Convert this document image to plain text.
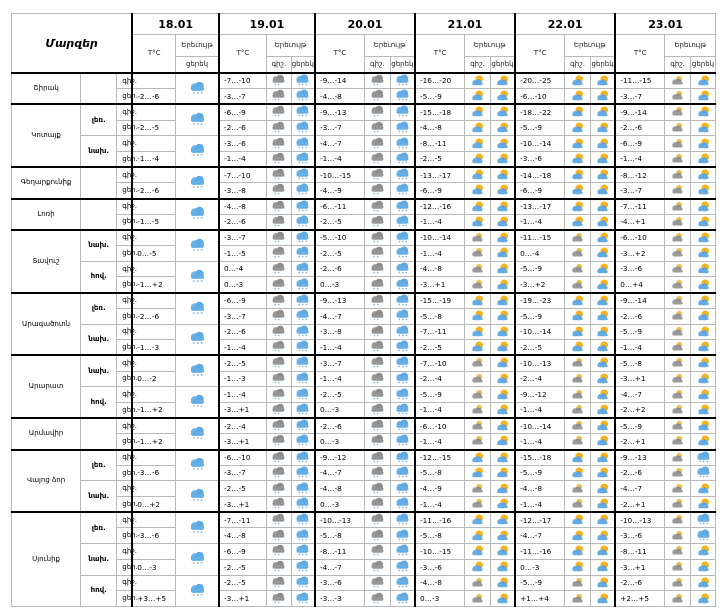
Մարզեր			18.01		19.01			20.01			21.01			22.01			23.01		
			T°C	Երեւույթ	T°C	Երեւույթ		T°C	Երեւույթ		T°C	Երեւույթ		T°C	Երեւույթ		T°C	Երեւույթ	
				ցերեկ		գիշ.	ցերեկ		գիշ.	ցերեկ		գիշ.	ցերեկ		գիշ.	ցերեկ		գիշ.	ցերեկ
Շիրակ		գիշ.		* * *	-7…-10	* *	* * *	-9…-14	* *	* * *	-16…-20			-20…-25			-11…-15	

		ցեր.	-2…-6		-3…-7	* *	* * *	-4…-8	* *	* * *	-5…-9			-6…-10			-3…-7	

Կոտայք	լեռ.	գիշ.		* * *	-6…-9	* *	* * *	-9…-13	* *	* * *	-15…-18			-18…-22			-9…-14	

		ցեր.	-2…-5		-2…-6	* *	* * *	-3…-7	* *	* * *	-4…-8			-5…-9			-2…-6	

	նախ.	գիշ.		* * *	-3…-6	* *	* * *	-4…-7	* *	* * *	-8…-11			-10…-14			-6…-9	

		ցեր.	-1…-4		-1…-4	* *	* * *	-1…-4	* *	* * *	-2…-5			-3…-6			-1…-4	

Գեղարքունիք		գիշ.		* * *	-7…-10	* *	* * *	-10…-15	* *	* * *	-13…-17			-14…-18			-8…-12	

		ցեր.	-2…-6		-3…-8	* *	* * *	-4…-9	* *	* * *	-6…-9			-6…-9			-3…-7	

Լոռի		գիշ.		* * *	-4…-8	* *	* * *	-6…-11	* *	* * *	-12…-16			-13…-17			-7…-11	

		ցեր.	-1…-5		-2…-6	* *	* * *	-2…-5	* *	* * *	-1…-4			-1…-4			-4…+1	

Տավուշ	նախ.	գիշ.		* * *	-3…-7	* *	* * *	-5…-10	* *	* * *	-10…-14			-11…-15			-6…-10	

		ցեր.	0…-5		-1…-5	* *	* * *	-2…-5	* *	* * *	-1…-4			0…-4			-3…+2	

	հով.	գիշ.		* * *	0…-4	* *	* * *	-2…-6	* *	* * *	-4…-8			-5…-9			-3…-6	

		ցեր.	-1…+2		0…-3	* *	* * *	0…-3	* *	* * *	-3…+1			-3…+2			0…+4	

Արագածոտն	լեռ.	գիշ.		* * *	-6…-9	* *	* * *	-9…-13	* *	* * *	-15…-19			-19…-23			-9…-14	

		ցեր.	-2…-6		-3…-7	* *	* * *	-4…-7	* *	* * *	-5…-8			-5…-9			-2…-6	

	նախ.	գիշ.		* * *	-2…-6	* *	* * *	-3…-8	* *	* * *	-7…-11			-10…-14			-5…-9	

		ցեր.	-1…-3		-1…-4	* *	* * *	-1…-4	* *	* * *	-2…-5			-2…-5			-1…-4	

Արարատ	նախ.	գիշ.		* * *	-2…-5	* *	* * *	-3…-7	* *	* * *	-7…-10			-10…-13			-5…-8	

		ցեր.	0…-2		-1…-3	* *	* * *	-1…-4	* *	* * *	-2…-4			-2…-4			-3…+1	

	հով.	գիշ.		* * *	-1…-4	* *	* * *	-2…-5	* *	* * *	-5…-9			-9…-12			-4…-7	

		ցեր.	-1…+2		-3…+1	* *	* * *	0…-3	* *	* * *	-1…-4			-1…-4			-2…+2	

Արմավիր		գիշ.		* * *	-2…-4	* *	* * *	-2…-6	* *	* * *	-6…-10			-10…-14			-5…-9	

		ցեր.	-1…+2		-3…+1	* *	* * *	0…-3	* *	* * *	-1…-4			-1…-4			-2…+1	

Վայոց ձոր	լեռ.	գիշ.		* * *	-6…-10	* *	* * *	-9…-12	* *	* * *	-12…-15			-15…-18			-9…-13		* * *

		ցեր.	-3…-6		-3…-7	* *	* * *	-4…-7	* *	* * *	-5…-8			-5…-9			-2…-6		* * *

	նախ.	գիշ.		* * *	-2…-5	* *	* * *	-4…-8	* *	* * *	-4…-9			-4…-8			-4…-7	

		ցեր.	0…+2		-3…+1	* *	* * *	0…-3	* *	* * *	-1…-4			-1…-4			-2…+1	

Սյունիք	լեռ.	գիշ.		* * *	-7…-11	* *	* * *	-10…-13	* *	* * *	-11…-16			-12…-17			-10…-13		* * *

		ցեր.	-3…-6		-4…-8	* *	* * *	-5…-8	* *	* * *	-5…-8			-4…-7			-3…-6		* * *

	նախ.	գիշ.		* * *	-6…-9	* *	* * *	-8…-11	* *	* * *	-10…-15			-11…-16			-8…-11	

		ցեր.	0…-3		-2…-5	* *	* * *	-4…-7	* *	* * *	-3…-6			0…-3			-3…+1	

	հով.	գիշ.		* * *	-2…-5	* *	* * *	-3…-6	* *	* * *	-4…-8			-5…-9			-2…-6	

		ցեր.	+3…+5		-3…+1	* *	* * *	-3…-3	* *	* * *	0…-3			+1…+4			+2…+5	
